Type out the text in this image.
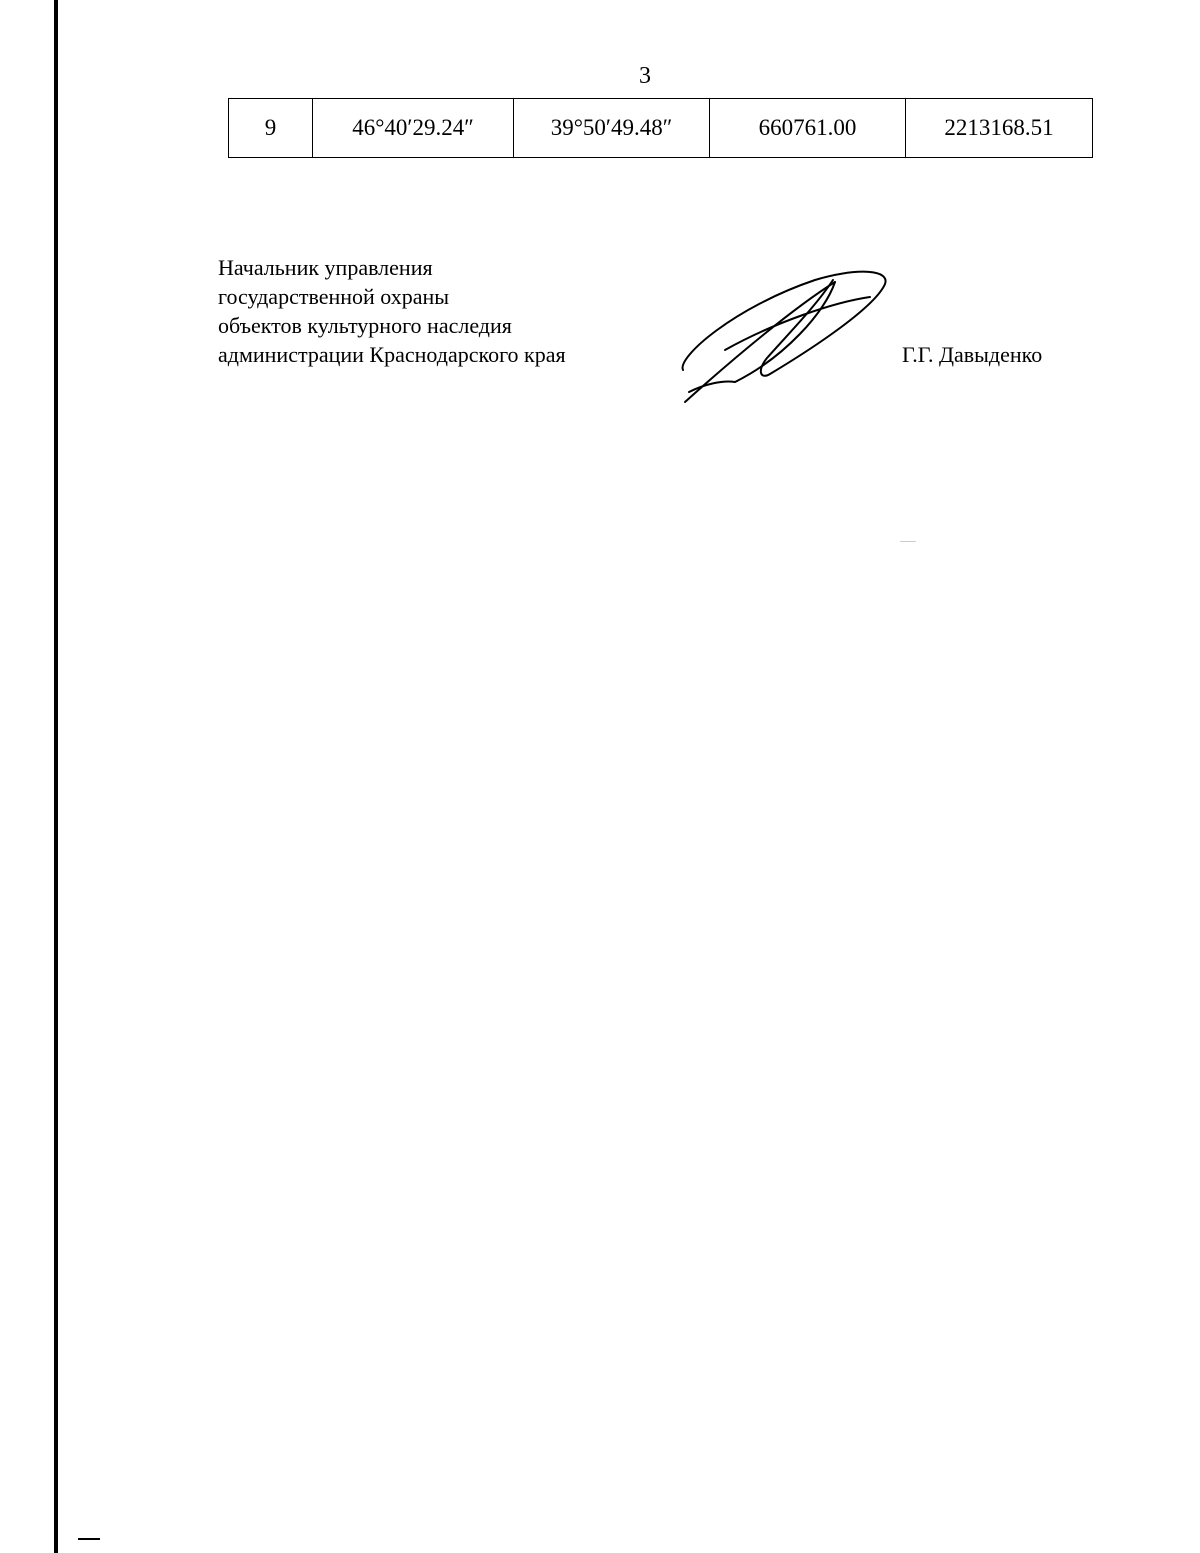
3
9	46°40′29.24″	39°50′49.48″	660761.00	2213168.51
Начальник управления
государственной охраны
объектов культурного наследия
администрации Краснодарского края	Г.Г. Давыденко
